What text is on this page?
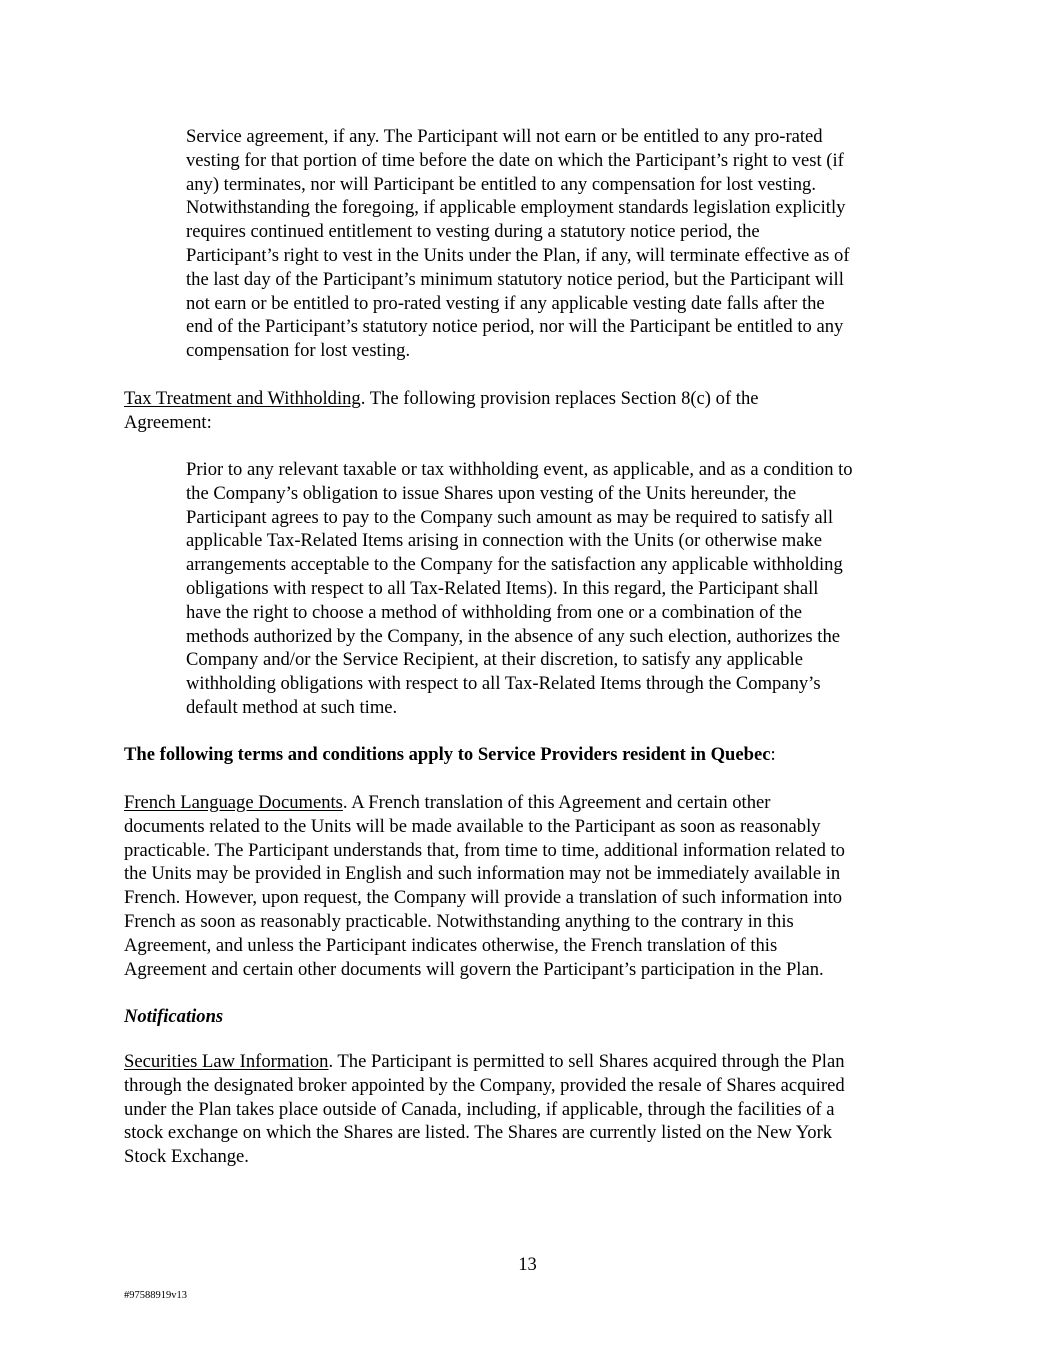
Service agreement, if any. The Participant will not earn or be entitled to any pro-rated
vesting for that portion of time before the date on which the Participant’s right to vest (if
any) terminates, nor will Participant be entitled to any compensation for lost vesting.
Notwithstanding the foregoing, if applicable employment standards legislation explicitly
requires continued entitlement to vesting during a statutory notice period, the
Participant’s right to vest in the Units under the Plan, if any, will terminate effective as of
the last day of the Participant’s minimum statutory notice period, but the Participant will
not earn or be entitled to pro-rated vesting if any applicable vesting date falls after the
end of the Participant’s statutory notice period, nor will the Participant be entitled to any
compensation for lost vesting.
Tax Treatment and Withholding. The following provision replaces Section 8(c) of the
Agreement:
Prior to any relevant taxable or tax withholding event, as applicable, and as a condition to
the Company’s obligation to issue Shares upon vesting of the Units hereunder, the
Participant agrees to pay to the Company such amount as may be required to satisfy all
applicable Tax-Related Items arising in connection with the Units (or otherwise make
arrangements acceptable to the Company for the satisfaction any applicable withholding
obligations with respect to all Tax-Related Items). In this regard, the Participant shall
have the right to choose a method of withholding from one or a combination of the
methods authorized by the Company, in the absence of any such election, authorizes the
Company and/or the Service Recipient, at their discretion, to satisfy any applicable
withholding obligations with respect to all Tax-Related Items through the Company’s
default method at such time.
The following terms and conditions apply to Service Providers resident in Quebec:
French Language Documents. A French translation of this Agreement and certain other
documents related to the Units will be made available to the Participant as soon as reasonably
practicable. The Participant understands that, from time to time, additional information related to
the Units may be provided in English and such information may not be immediately available in
French. However, upon request, the Company will provide a translation of such information into
French as soon as reasonably practicable. Notwithstanding anything to the contrary in this
Agreement, and unless the Participant indicates otherwise, the French translation of this
Agreement and certain other documents will govern the Participant’s participation in the Plan.
Notifications
Securities Law Information. The Participant is permitted to sell Shares acquired through the Plan
through the designated broker appointed by the Company, provided the resale of Shares acquired
under the Plan takes place outside of Canada, including, if applicable, through the facilities of a
stock exchange on which the Shares are listed. The Shares are currently listed on the New York
Stock Exchange.
13
#97588919v13
